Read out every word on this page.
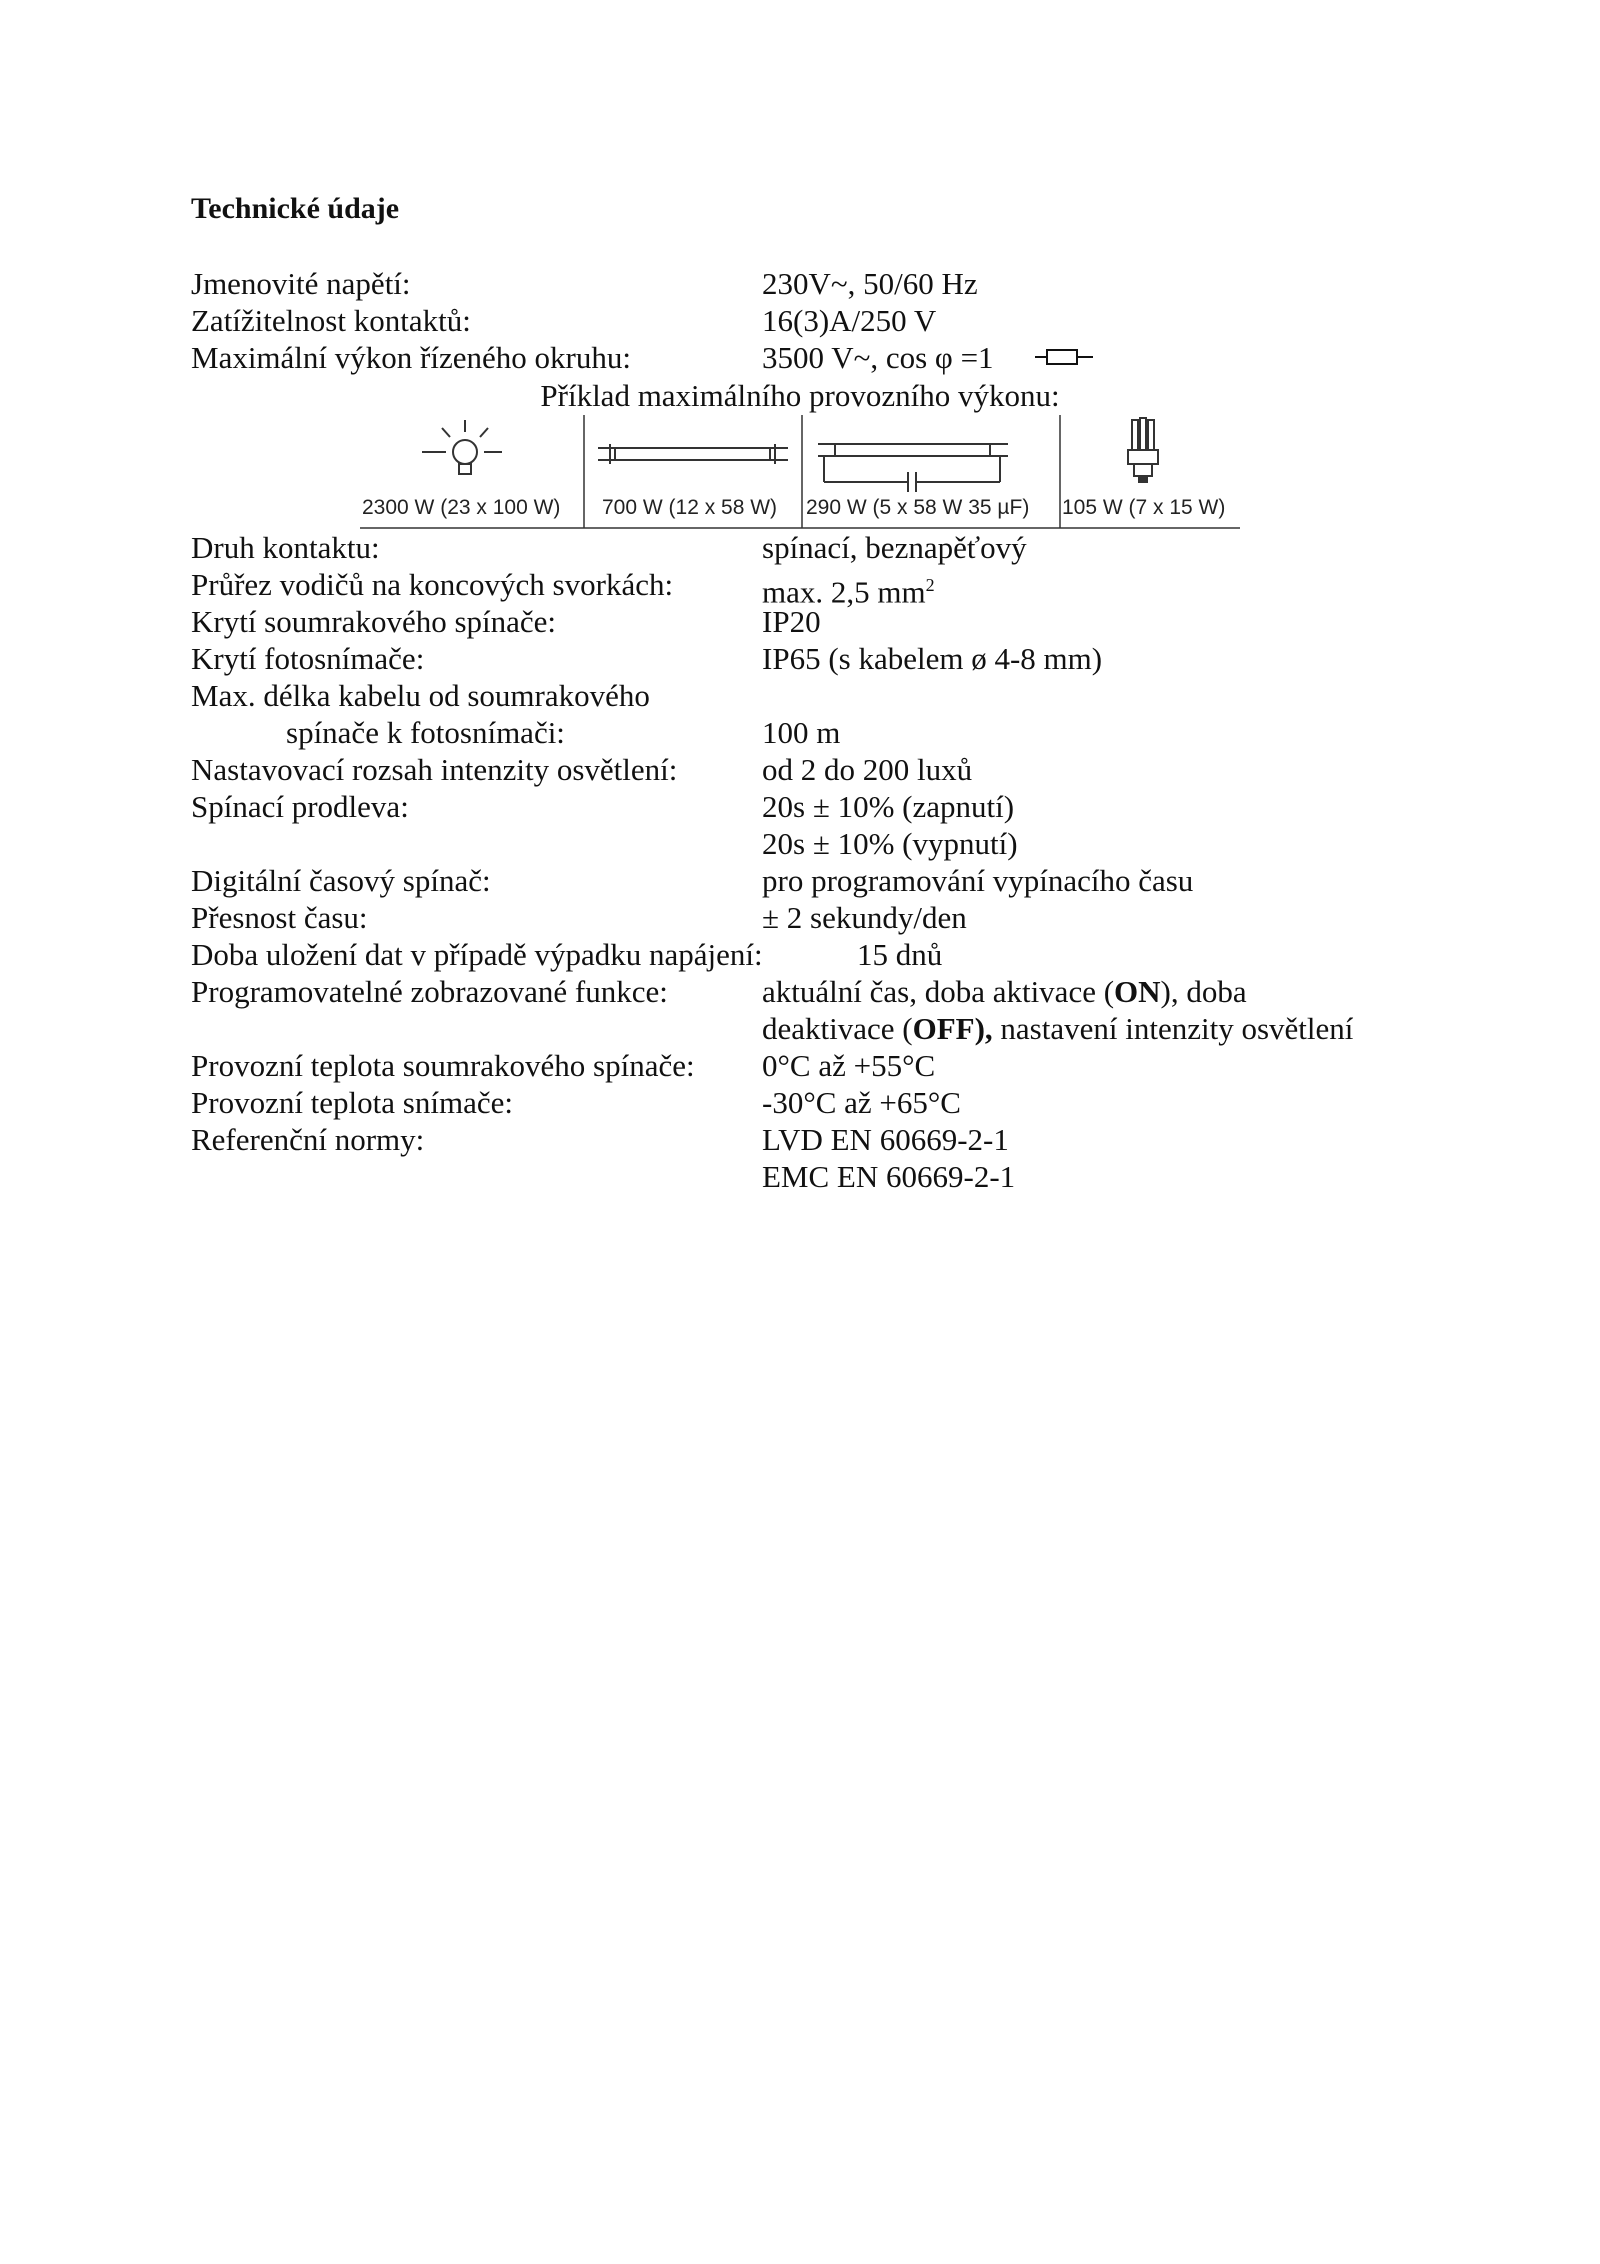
Technické údaje
Jmenovité napětí:	230V~, 50/60 Hz
Zatížitelnost kontaktů:	16(3)A/250 V
Maximální výkon řízeného okruhu:	3500 V~, cos φ =1
Příklad maximálního provozního výkonu:
2300 W (23 x 100 W) 700 W (12 x 58 W) 290 W (5 x 58 W 35 µF) 105 W (7 x 15 W)
Druh kontaktu:	spínací, beznapěťový
Průřez vodičů na koncových svorkách:	max. 2,5 $mm^2$
Krytí soumrakového spínače:	IP20
Krytí fotosnímače:	IP65 (s kabelem ø 4-8 mm)
Max. délka kabelu od soumrakového
spínače k fotosnímači:	100 m
Nastavovací rozsah intenzity osvětlení:	od 2 do 200 luxů
Spínací prodleva:	20s ± 10% (zapnutí)
20s ± 10% (vypnutí)
Digitální časový spínač:	pro programování vypínacího času
Přesnost času:	± 2 sekundy/den
Doba uložení dat v případě výpadku napájení:	15 dnů
Programovatelné zobrazované funkce:	aktuální čas, doba aktivace (ON), doba
deaktivace (OFF), nastavení intenzity osvětlení
Provozní teplota soumrakového spínače: 0°C až +55°C
Provozní teplota snímače:	-30°C až +65°C
Referenční normy:	LVD EN 60669-2-1
EMC EN 60669-2-1
